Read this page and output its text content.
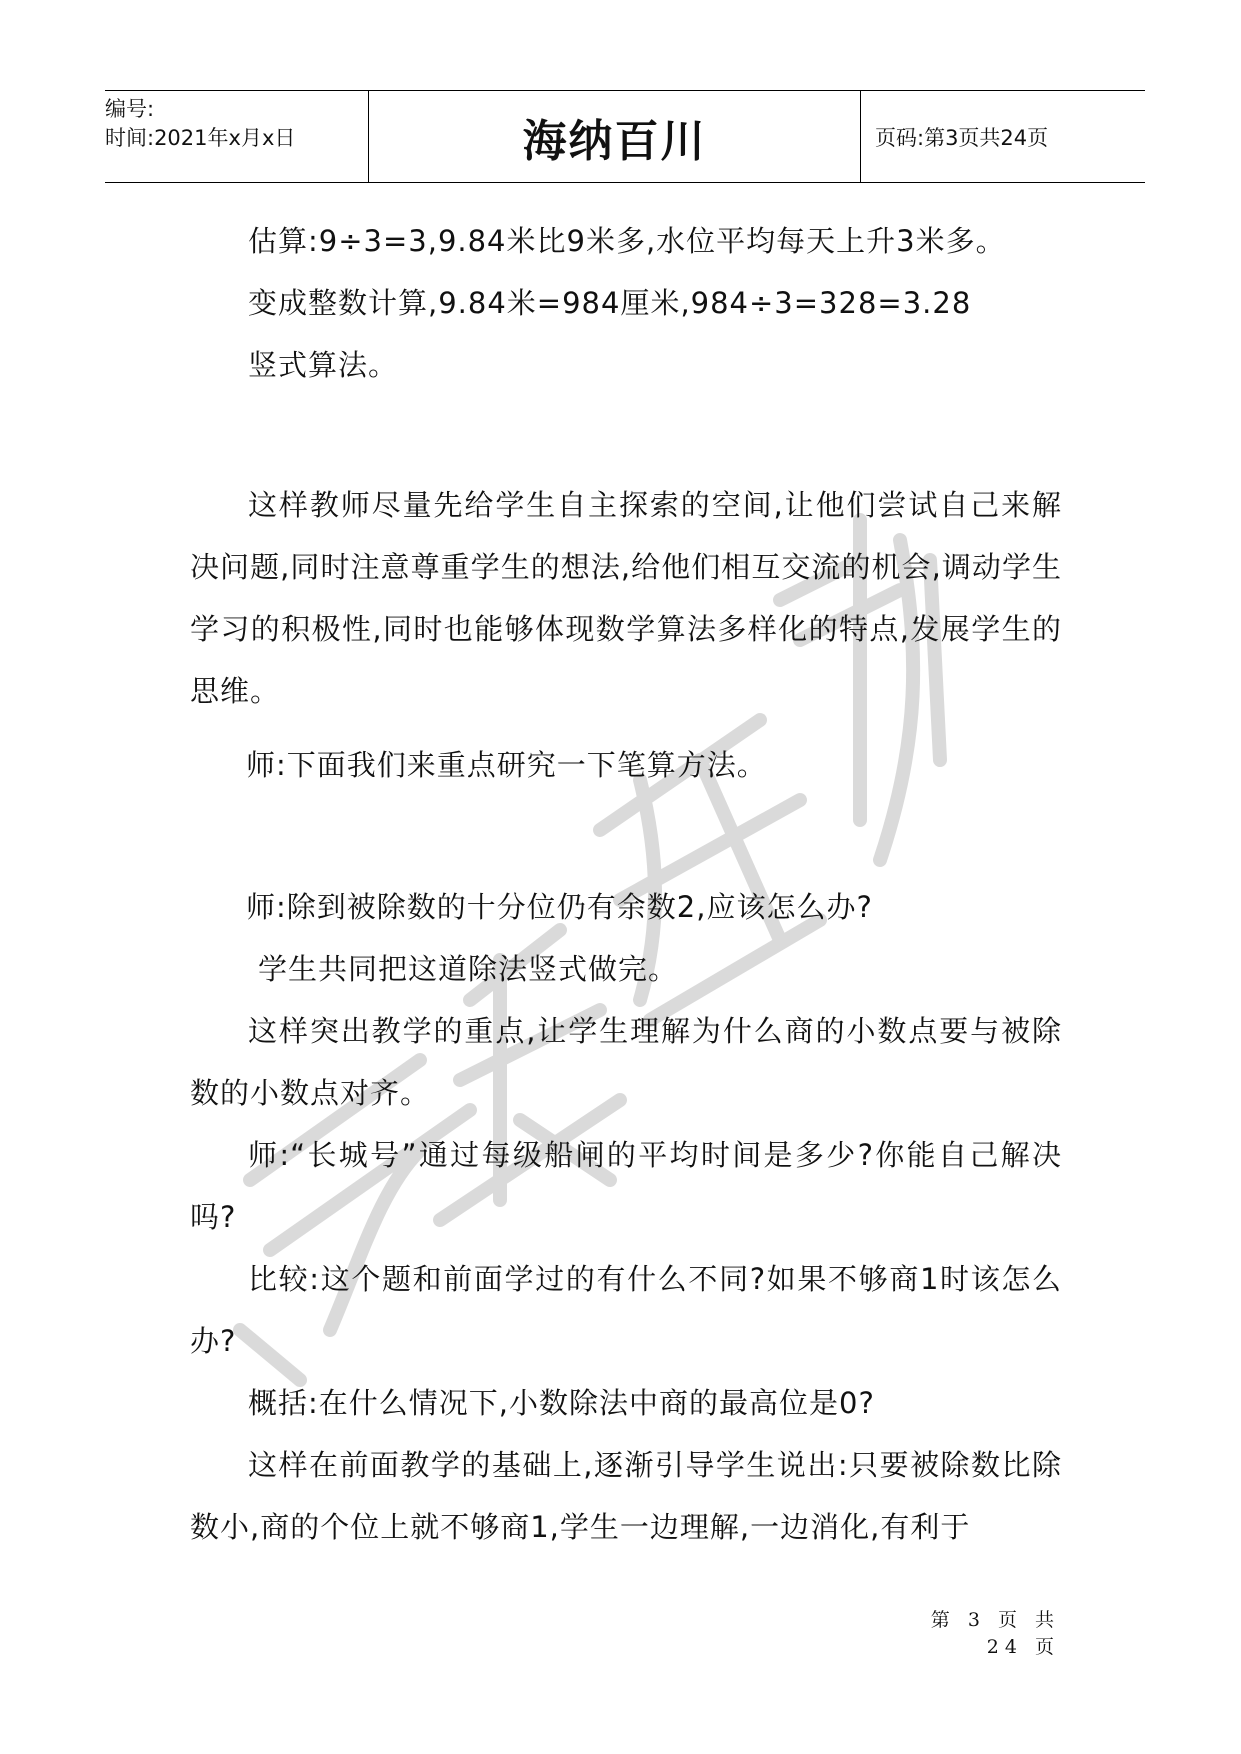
编号:
时间:2021年x月x日	海纳百川	页码:第3页共24页
估算:9÷3=3,9.84米比9米多,水位平均每天上升3米多。
变成整数计算,9.84米=984厘米,984÷3=328=3.28
竖式算法。
这样教师尽量先给学生自主探索的空间,让他们尝试自己来解决问题,同时注意尊重学生的想法,给他们相互交流的机会,调动学生学习的积极性,同时也能够体现数学算法多样化的特点,发展学生的思维。
师:下面我们来重点研究一下笔算方法。
师:除到被除数的十分位仍有余数2,应该怎么办?
学生共同把这道除法竖式做完。
这样突出教学的重点,让学生理解为什么商的小数点要与被除数的小数点对齐。
师:“长城号”通过每级船闸的平均时间是多少?你能自己解决吗?
比较:这个题和前面学过的有什么不同?如果不够商1时该怎么办?
概括:在什么情况下,小数除法中商的最高位是0?
这样在前面教学的基础上,逐渐引导学生说出:只要被除数比除数小,商的个位上就不够商1,学生一边理解,一边消化,有利于
第 3 页 共 24 页
